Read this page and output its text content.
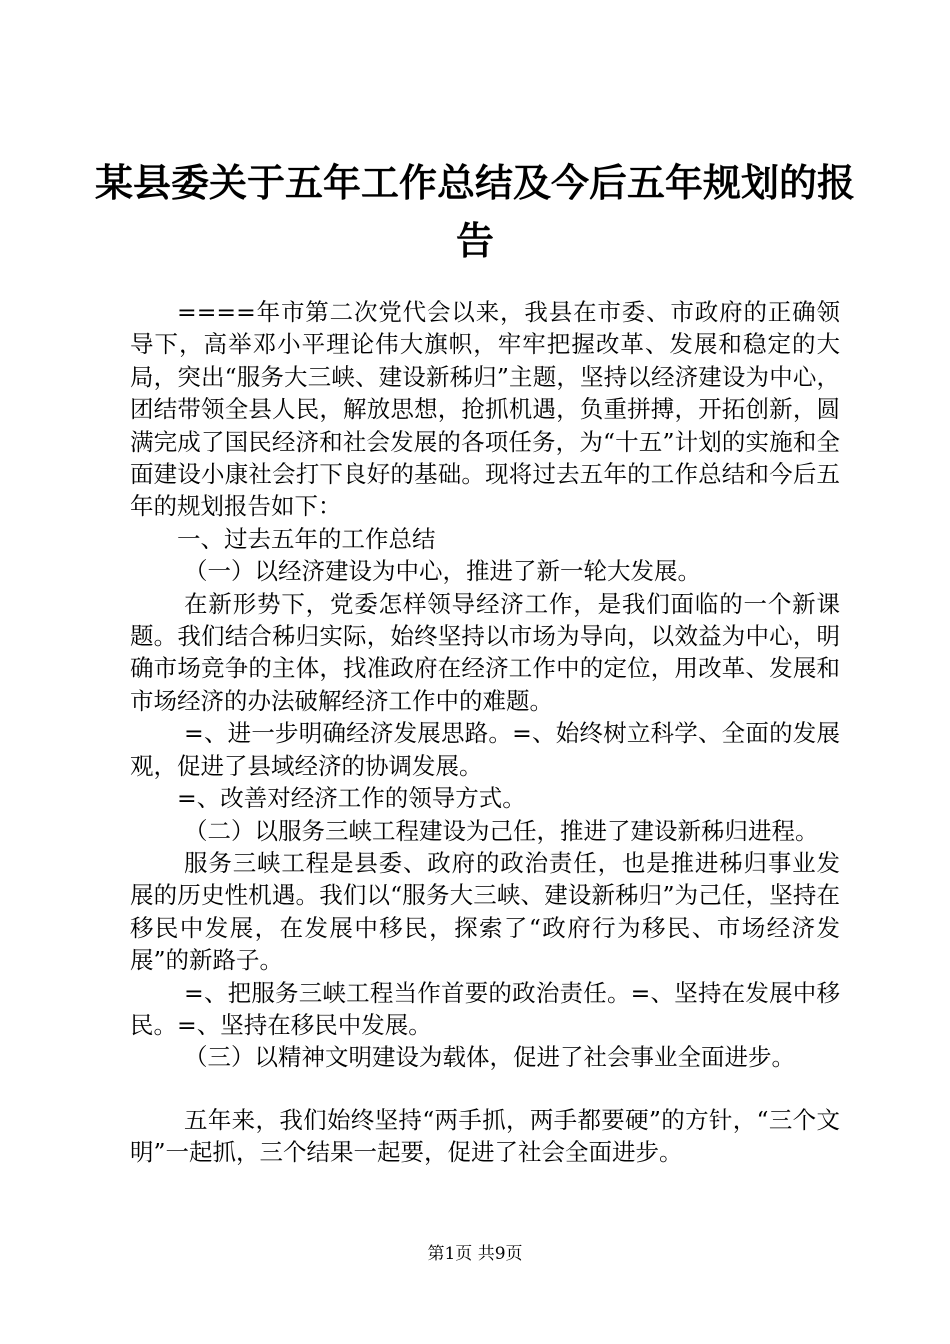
某县委关于五年工作总结及今后五年规划的报
告

====年市第二次党代会以来，我县在市委、市政府的正确领导下，高举邓小平理论伟大旗帜，牢牢把握改革、发展和稳定的大局，突出“服务大三峡、建设新秭归”主题，坚持以经济建设为中心，团结带领全县人民，解放思想，抢抓机遇，负重拼搏，开拓创新，圆满完成了国民经济和社会发展的各项任务，为“十五”计划的实施和全面建设小康社会打下良好的基础。现将过去五年的工作总结和今后五年的规划报告如下：

一、过去五年的工作总结

（一）以经济建设为中心，推进了新一轮大发展。

在新形势下，党委怎样领导经济工作，是我们面临的一个新课题。我们结合秭归实际，始终坚持以市场为导向，以效益为中心，明确市场竞争的主体，找准政府在经济工作中的定位，用改革、发展和市场经济的办法破解经济工作中的难题。

=、进一步明确经济发展思路。=、始终树立科学、全面的发展观，促进了县域经济的协调发展。

=、改善对经济工作的领导方式。

（二）以服务三峡工程建设为己任，推进了建设新秭归进程。

服务三峡工程是县委、政府的政治责任，也是推进秭归事业发展的历史性机遇。我们以“服务大三峡、建设新秭归”为己任，坚持在移民中发展，在发展中移民，探索了“政府行为移民、市场经济发展”的新路子。

=、把服务三峡工程当作首要的政治责任。=、坚持在发展中移民。=、坚持在移民中发展。

（三）以精神文明建设为载体，促进了社会事业全面进步。

五年来，我们始终坚持“两手抓，两手都要硬”的方针，“三个文明”一起抓，三个结果一起要，促进了社会全面进步。

第1页 共9页
